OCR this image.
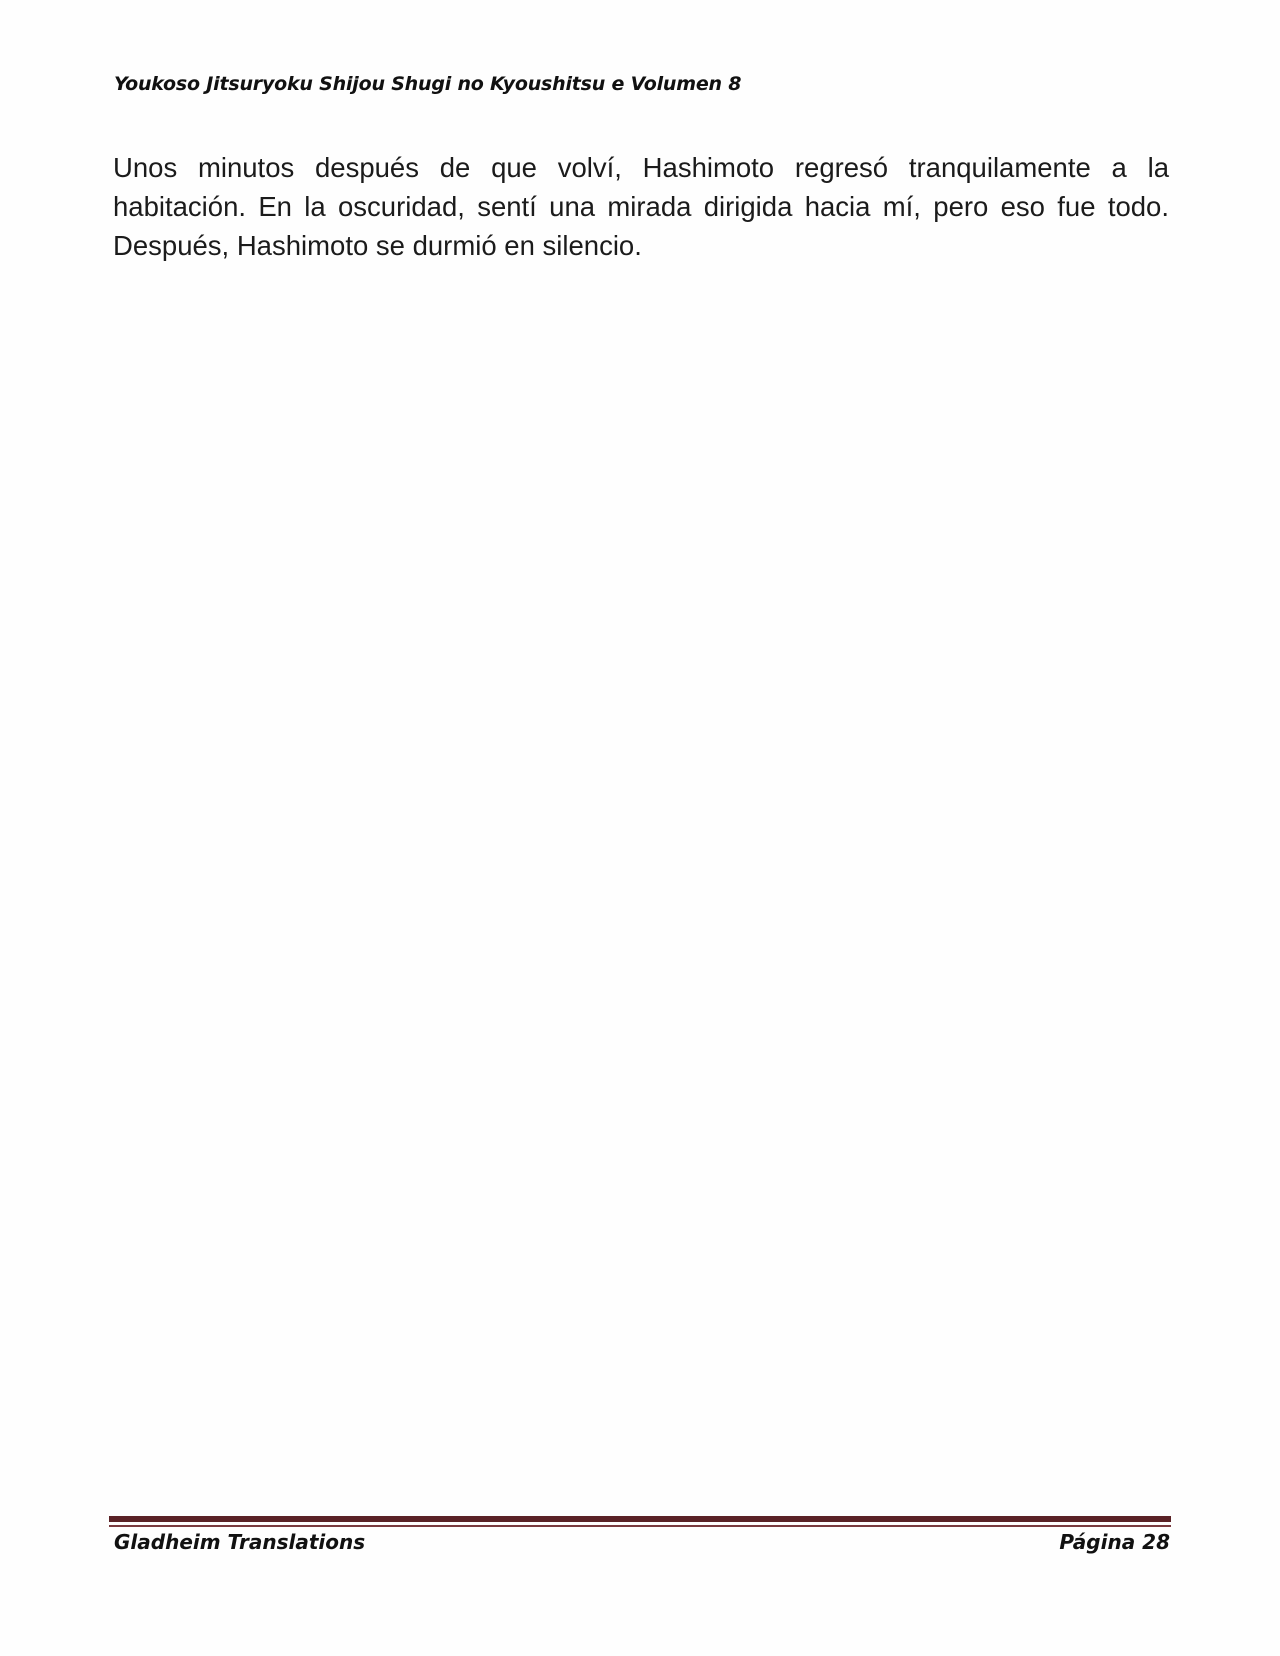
Youkoso Jitsuryoku Shijou Shugi no Kyoushitsu e Volumen 8

Unos minutos después de que volví, Hashimoto regresó tranquilamente a la habitación. En la oscuridad, sentí una mirada dirigida hacia mí, pero eso fue todo. Después, Hashimoto se durmió en silencio.

Gladheim Translations	Página 28
